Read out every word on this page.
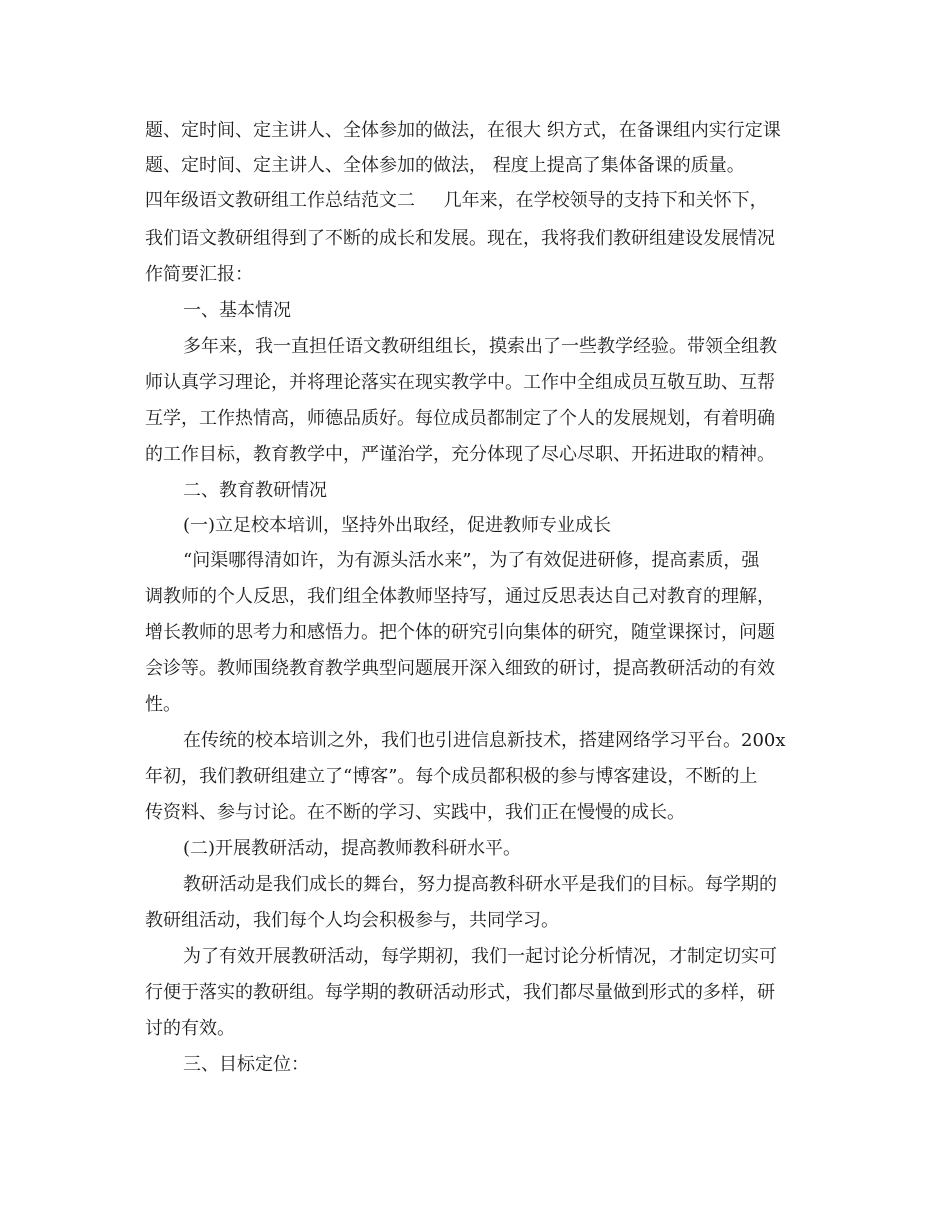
题、定时间、定主讲人、全体参加的做法，在很大 织方式，在备课组内实行定课
题、定时间、定主讲人、全体参加的做法， 程度上提高了集体备课的质量。
四年级语文教研组工作总结范文二     几年来，在学校领导的支持下和关怀下，
我们语文教研组得到了不断的成长和发展。现在，我将我们教研组建设发展情况
作简要汇报：
一、基本情况
多年来，我一直担任语文教研组组长，摸索出了一些教学经验。带领全组教
师认真学习理论，并将理论落实在现实教学中。工作中全组成员互敬互助、互帮
互学，工作热情高，师德品质好。每位成员都制定了个人的发展规划，有着明确
的工作目标，教育教学中，严谨治学，充分体现了尽心尽职、开拓进取的精神。
二、教育教研情况
(一)立足校本培训，坚持外出取经，促进教师专业成长
“问渠哪得清如许，为有源头活水来”，为了有效促进研修，提高素质，强
调教师的个人反思，我们组全体教师坚持写，通过反思表达自己对教育的理解，
增长教师的思考力和感悟力。把个体的研究引向集体的研究，随堂课探讨，问题
会诊等。教师围绕教育教学典型问题展开深入细致的研讨，提高教研活动的有效
性。
在传统的校本培训之外，我们也引进信息新技术，搭建网络学习平台。200x
年初，我们教研组建立了“博客”。每个成员都积极的参与博客建设，不断的上
传资料、参与讨论。在不断的学习、实践中，我们正在慢慢的成长。
(二)开展教研活动，提高教师教科研水平。
教研活动是我们成长的舞台，努力提高教科研水平是我们的目标。每学期的
教研组活动，我们每个人均会积极参与，共同学习。
为了有效开展教研活动，每学期初，我们一起讨论分析情况，才制定切实可
行便于落实的教研组。每学期的教研活动形式，我们都尽量做到形式的多样，研
讨的有效。
三、目标定位：
